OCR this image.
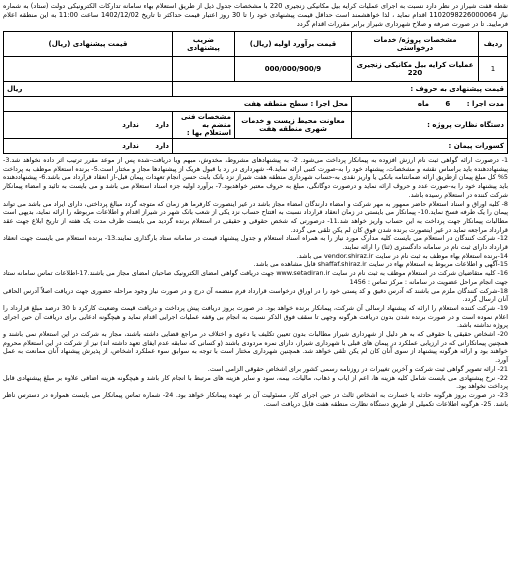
نقطه قفت شیراز در نظر دارد نسبت به اجرای عملیات کرایه بیل مکانیکی زنجیری 220 با مشخصات جدول ذیل از طریق استعلام بهاء سامانه تدارکات الکترونیکی دولت (ستاد) به شماره نیاز 1102098226000064 اقدام نماید ، لذا خواهشمند است حداقل قیمت پیشنهادی خود را تا 30 روز اعتبار قیمت حداکثر تا تاریخ 1402/12/02 ساعت 11:00 به این منطقه اعلام فرمایید. تا در صورت صرفه و صلاح شهرداری شیراز برابر مقررات اقدام گردد
ردیف	مشخصات پروژه/ خدمات درخواستی	قیمت برآورد اولیه (ریال)	ضریب پیشنهادی	قیمت پیشنهادی (ریال)
1	عملیات کرایه بیل مکانیکی زنجیری 220	000/000/900/9		
قیمت پیشنهادی به حروف :				ریال
مدت اجرا : 6 ماه		محل اجرا : سطح منطقه هفت		
دستگاه نظارت پروژه :		معاونت محیط زیست و خدمات شهری منطقه هفت	مشخصات فنی منضم به استعلام بها :	دارد ندارد
کسورات پیمان :				دارد ندارد

1- درصورت ارائه گواهی ثبت نام ارزش افزوده به پیمانکار پرداخت می‌شود. 2- به پیشنهادهای مشروط، مخدوش، مبهم ویا دریافت-شده پس از موعد مقرر ترتیب اثر داده نخواهد شد.3- پیشنهاددهنده باید براساس نقشه و مشخصات، پیشنهاد خود را به-صورت کتبی ارائه نماید.4- شهرداری در رد یا قبول هریک از پیشنهادها مجاز و مختار است.5- برنده استعلام موظف به پرداخت 5% کل مبلغ پیمان ازطریق ارائه ضمانتنامه بانکی یا واریز نقدی به-حساب شهرداری منطقه هفت شیراز نزد بانک بابت حسن انجام تعهدات پیمان قبل-از انعقاد قرارداد می باشد.6- پیشنهاددهنده باید پیشنهاد خود را به-صورت عدد و حروف ارائه نماید و درصورت دوگانگی، مبلغ به حروف معتبر خواهدبود.7- برآورد اولیه جزء اسناد استعلام می باشد و می بایست به تائید و امضاء پیمانکار شرکت کننده در استعلام رسیده باشد.

8- کلیه اوراق و اسناد استعلام حاضر ممهور به مهر شرکت و امضاء دارندگان امضاء مجاز باشد در غیر اینصورت کارفرما هر زمان که متوجه گردد مبالغ پرداختی، دارای ایراد می باشد می تواند پیمان را یک طرفه فسخ نماید.10- پیمانکار می بایستی در زمان انعقاد قرارداد نسبت به افتتاح حساب نزد یکی از شعب بانک شهر در شیراز اقدام و اطلاعات مربوطه را ارائه نماید، بدیهی است مطالبات پیمانکار جهت پرداخت به این حساب واریز خواهد شد.11- درصورتی که شخص حقوقی و حقیقی در استعلام برنده گردید می بایست ظرف مدت یک هفته از تاریخ ابلاغ جهت عقد قرارداد مراجعه نماید در غیر اینصورت برنده شدن فوق کان لم یکن تلقی می گردد.

12- شرکت کنندگان در استعلام می بایست کلیه مدارک مورد نیاز را به همراه اسناد استعلام و جدول پیشنهاد قیمت در سامانه ستاد بارگذاری نمایند.13- برنده استعلام می بایست جهت انعقاد قرارداد دارای ثبت نام در سامانه دادگستری (ثنا) را ارائه نمایند.

14-برنده استعلام بهاء موظف به ثبت نام در سایت vendor.shiraz.ir می باشد.

15-آگهی و اطلاعات مربوط به استعلام بهاء در سایت shaffaf.shiraz.ir قابل مشاهده می باشد.

16- کلیه متقاضیان شرکت در استعلام موظف به ثبت نام در سایت www.setadiran.ir جهت دریافت گواهی امضای الکترونیک صاحبان امضای مجاز می باشند.17-اطلاعات تماس سامانه ستاد جهت انجام مراحل عضویت در سامانه : مرکز تماس : 1456

18-شرکت کنندگان ملزم می باشند که آدرس دقیق و کد پستی خود را در اوراق درخواست قرارداد فرم منضمه آن درج و در صورت نیاز وجود مراحله حضوری جهت دریافت اصلاً آدرس الحاقی آنان ارسال گردد.

19- شرکت کننده استعلام را ارائه که پیشنهاد ارسالی آن شرکت، پیمانکار برنده خواهد بود. در صورت بروز دریافت پیش پرداخت و دریافت قیمت وضعیت کارکرد تا 30 درصد مبلغ قرارداد را اعلام نموده است و در صورت برنده شدن بدون دریافت هرگونه وجهی تا سقف فوق الذکر نسبت به انجام بی وقفه عملیات اجرایی اقدام نماید و هیچگونه ادعایی برای دریافت آن حین اجرای پروژه نداشته باشد.

20- اشخاص حقیقی یا حقوقی که به هر دلیل از شهرداری شیراز مطالبات بدون تعیین تکلیف یا دعوی و اختلاف در مراجع قضایی داشته باشند، مجاز به شرکت در این استعلام نمی باشند و همچنین پیمانکارانی که در ارزیابی عملکرد در پیمان های قبلی با شهرداری شیراز، دارای نمره مردودی باشند (و کسانی که سابقه عدم ایفای تعهد داشته اند) نیز از شرکت در این استعلام محروم خواهند بود و ارائه هرگونه پیشنهاد از سوی آنان کان لم یکن تلقی خواهد شد. همچنین شهرداری مختار است با توجه به سوابق سوء عملکرد اشخاص، از پذیرش پیشنهاد آنان ممانعت به عمل آورد.

21- ارائه تصویر گواهی ثبت شرکت و آخرین تغییرات در روزنامه رسمی کشور برای اشخاص حقوقی الزامی است.

22- نرخ پیشنهادی می بایست شامل کلیه هزینه ها، اعم از ایاب و ذهاب، مالیات، بیمه، سود و سایر هزینه های مرتبط با انجام کار باشد و هیچگونه هزینه اضافی علاوه بر مبلغ پیشنهادی قابل پرداخت نخواهد بود.

23- در صورت بروز هرگونه حادثه یا خسارت به اشخاص ثالث در حین اجرای کار، مسئولیت آن بر عهده پیمانکار خواهد بود. 24- شماره تماس پیمانکار می بایست همواره در دسترس ناظر باشد. 25- هرگونه اطلاعات تکمیلی از طریق دستگاه نظارت منطقه هفت قابل دریافت است.
